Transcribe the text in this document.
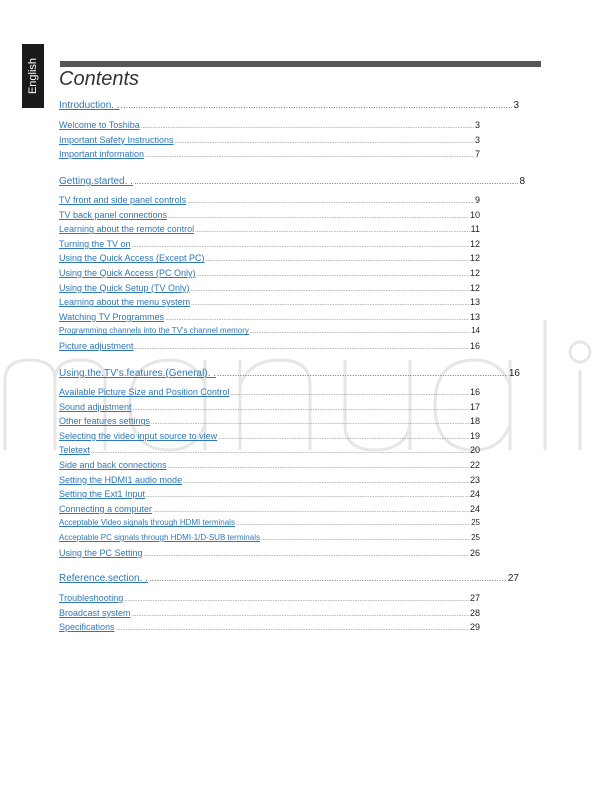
English Contents
Introduction. . .....	3
Welcome to Toshiba .....	3
Important Safety Instructions .....	3
Important information .....	7
Getting.started. . .....	8
TV front and side panel controls .....	9
TV back panel connections .....	10
Learning about the remote control .....	11
Turning the TV on .....	12
Using the Quick Access (Except PC) .....	12
Using the Quick Access (PC Only) .....	12
Using the Quick Setup (TV Only) .....	12
Learning about the menu system .....	13
Watching TV Programmes .....	13
Programming channels into the TV's channel memory .....	14
Picture adjustment .....	16
Using.the.TV's.features.(General). . .....	16
Available Picture Size and Position Control .....	16
Sound adjustment .....	17
Other features settings .....	18
Selecting the video input source to view .....	19
Teletext .....	20
Side and back connections .....	22
Setting the HDMI1 audio mode .....	23
Setting the Ext1 Input .....	24
Connecting a computer .....	24
Acceptable Video signals through HDMI terminals .....	25
Acceptable PC signals through HDMI-1/D-SUB terminals .....	25
Using the PC Setting .....	26
Reference.section. . .....	27
Troubleshooting .....	27
Broadcast system .....	28
Specifications .....	29
